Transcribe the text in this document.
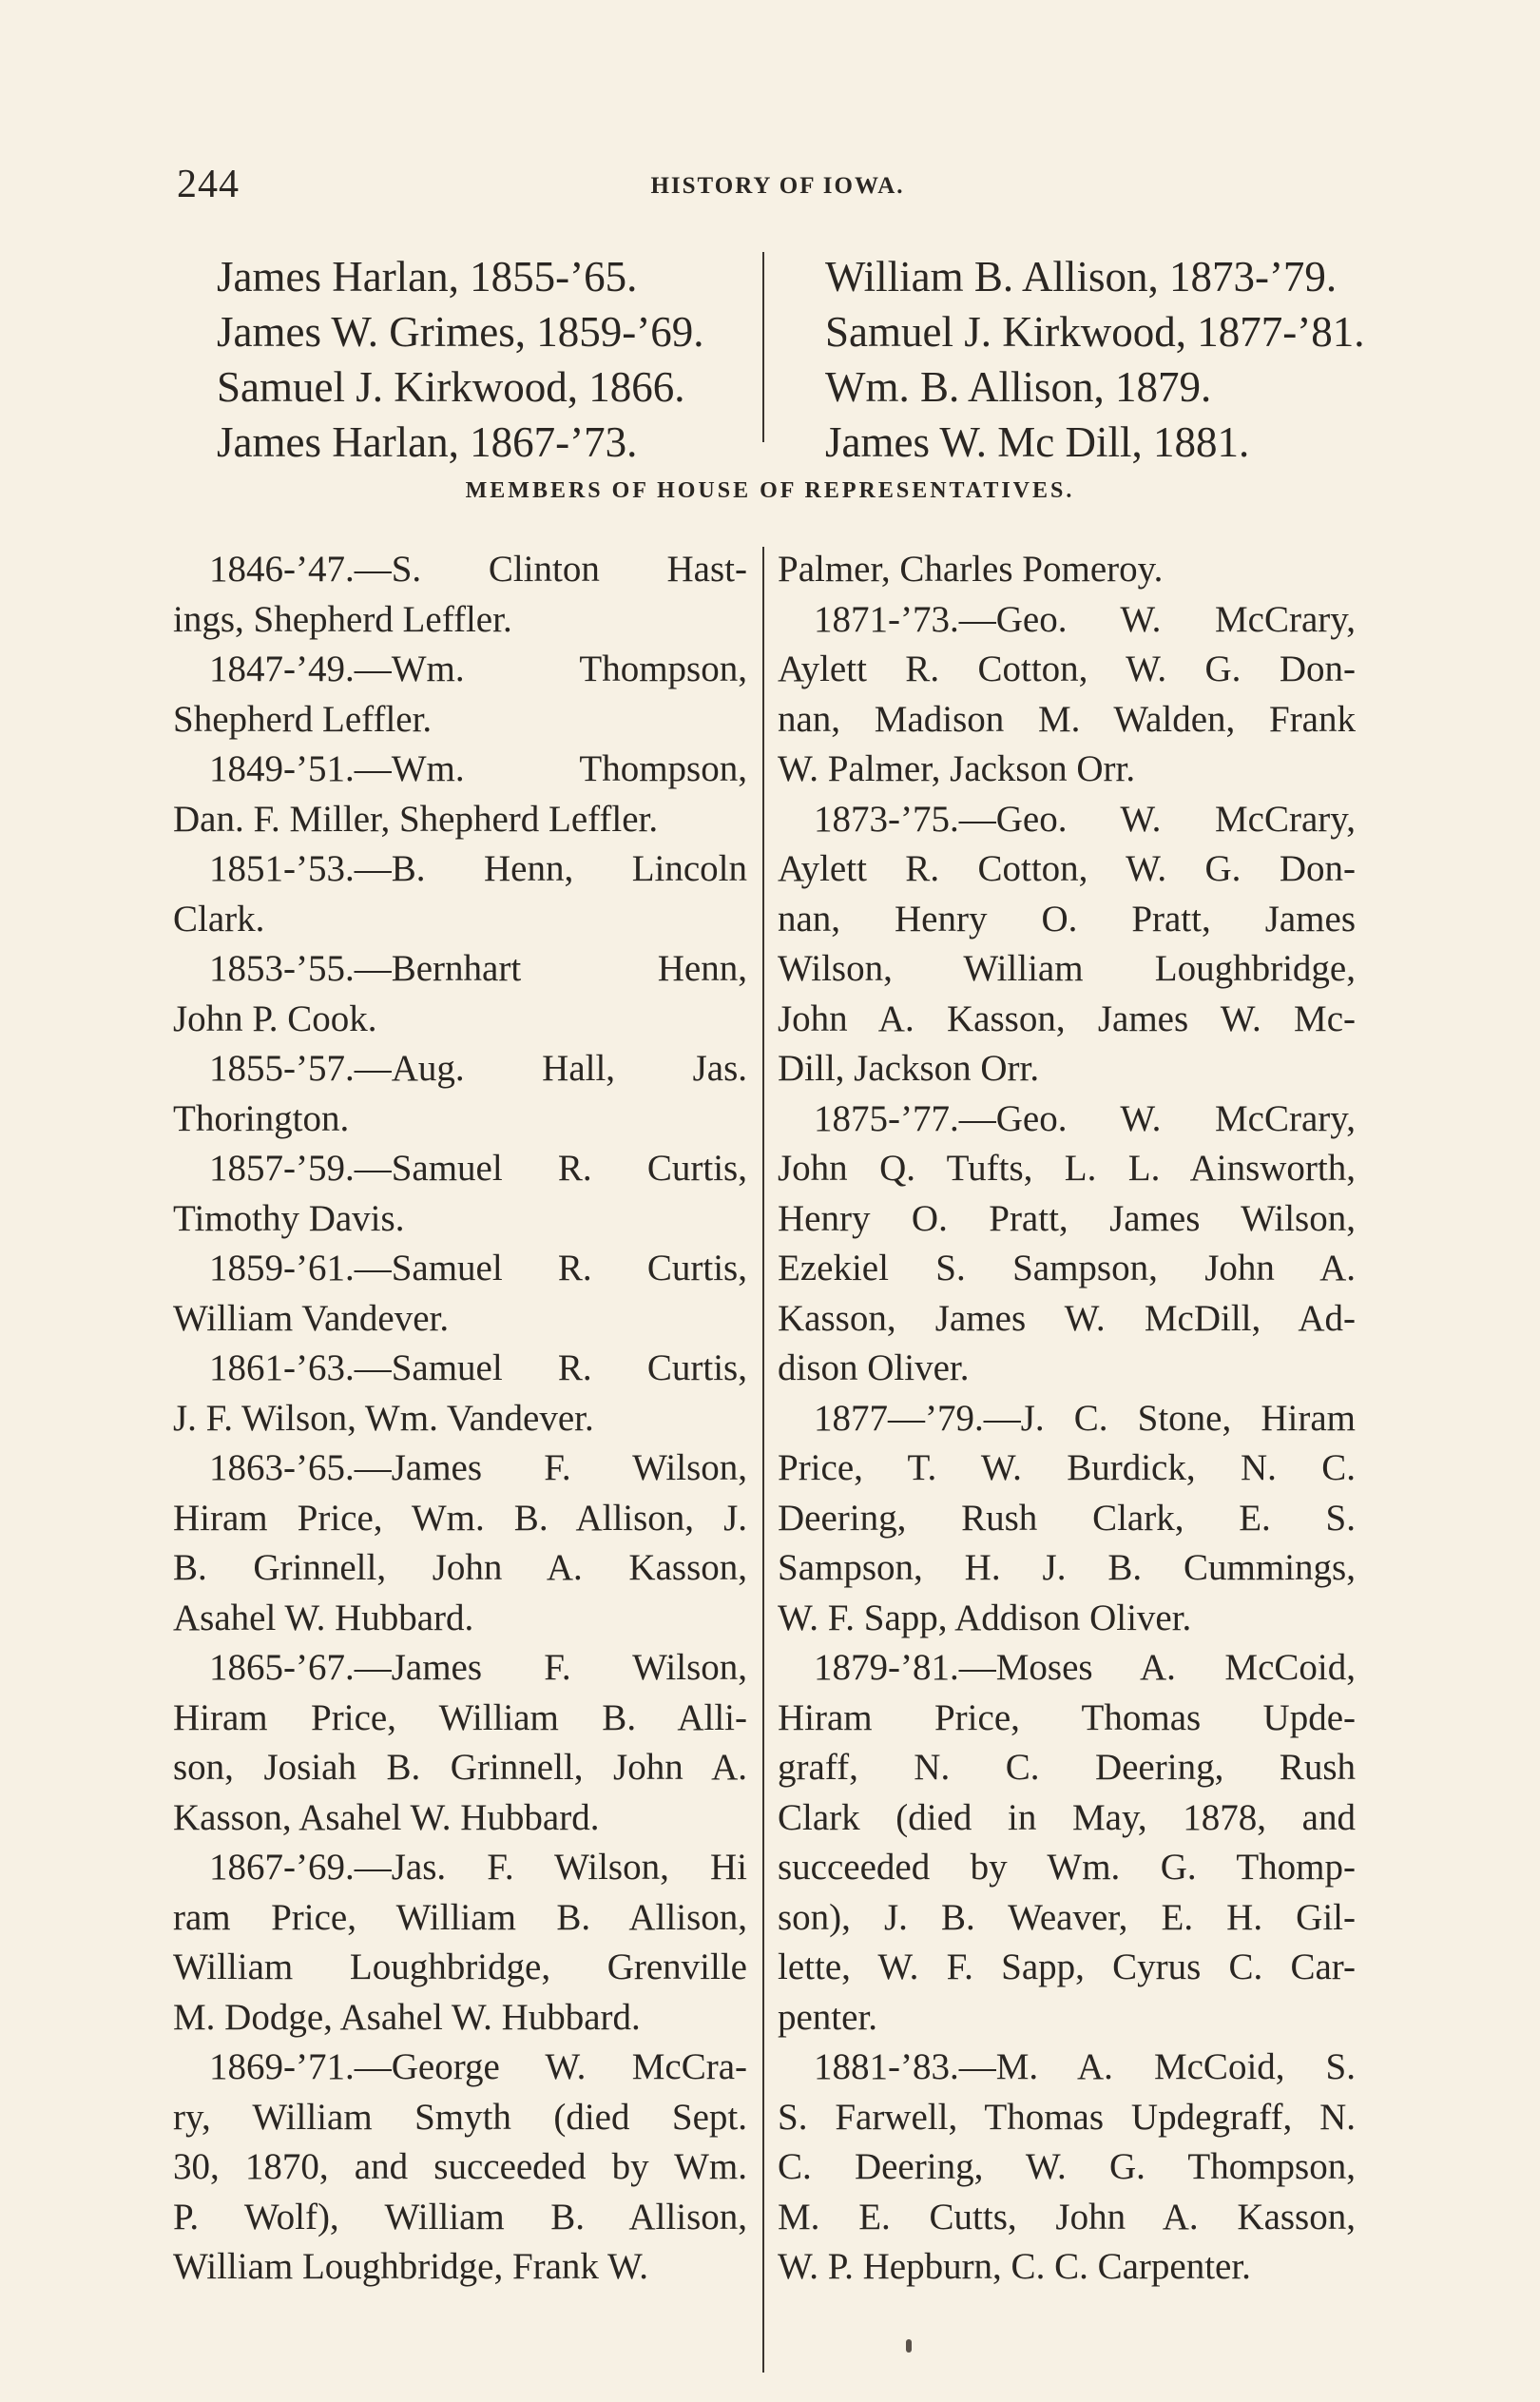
244	HISTORY OF IOWA.
James Harlan, 1855-’65.
James W. Grimes, 1859-’69.
Samuel J. Kirkwood, 1866.
James Harlan, 1867-’73.
William B. Allison, 1873-’79.
Samuel J. Kirkwood, 1877-’81.
Wm. B. Allison, 1879.
James W. Mc Dill, 1881.
MEMBERS OF HOUSE OF REPRESENTATIVES.
1846-’47.—S. Clinton Hast-
ings, Shepherd Leffler.
1847-’49.—Wm. Thompson,
Shepherd Leffler.
1849-’51.—Wm. Thompson,
Dan. F. Miller, Shepherd Leffler.
1851-’53.—B. Henn, Lincoln
Clark.
1853-’55.—Bernhart Henn,
John P. Cook.
1855-’57.—Aug. Hall, Jas.
Thorington.
1857-’59.—Samuel R. Curtis,
Timothy Davis.
1859-’61.—Samuel R. Curtis,
William Vandever.
1861-’63.—Samuel R. Curtis,
J. F. Wilson, Wm. Vandever.
1863-’65.—James F. Wilson,
Hiram Price, Wm. B. Allison, J.
B. Grinnell, John A. Kasson,
Asahel W. Hubbard.
1865-’67.—James F. Wilson,
Hiram Price, William B. Alli-
son, Josiah B. Grinnell, John A.
Kasson, Asahel W. Hubbard.
1867-’69.—Jas. F. Wilson, Hi
ram Price, William B. Allison,
William Loughbridge, Grenville
M. Dodge, Asahel W. Hubbard.
1869-’71.—George W. McCra-
ry, William Smyth (died Sept.
30, 1870, and succeeded by Wm.
P. Wolf), William B. Allison,
William Loughbridge, Frank W.
Palmer, Charles Pomeroy.
1871-’73.—Geo. W. McCrary,
Aylett R. Cotton, W. G. Don-
nan, Madison M. Walden, Frank
W. Palmer, Jackson Orr.
1873-’75.—Geo. W. McCrary,
Aylett R. Cotton, W. G. Don-
nan, Henry O. Pratt, James
Wilson, William Loughbridge,
John A. Kasson, James W. Mc-
Dill, Jackson Orr.
1875-’77.—Geo. W. McCrary,
John Q. Tufts, L. L. Ainsworth,
Henry O. Pratt, James Wilson,
Ezekiel S. Sampson, John A.
Kasson, James W. McDill, Ad-
dison Oliver.
1877—’79.—J. C. Stone, Hiram
Price, T. W. Burdick, N. C.
Deering, Rush Clark, E. S.
Sampson, H. J. B. Cummings,
W. F. Sapp, Addison Oliver.
1879-’81.—Moses A. McCoid,
Hiram Price, Thomas Upde-
graff, N. C. Deering, Rush
Clark (died in May, 1878, and
succeeded by Wm. G. Thomp-
son), J. B. Weaver, E. H. Gil-
lette, W. F. Sapp, Cyrus C. Car-
penter.
1881-’83.—M. A. McCoid, S.
S. Farwell, Thomas Updegraff, N.
C. Deering, W. G. Thompson,
M. E. Cutts, John A. Kasson,
W. P. Hepburn, C. C. Carpenter.
